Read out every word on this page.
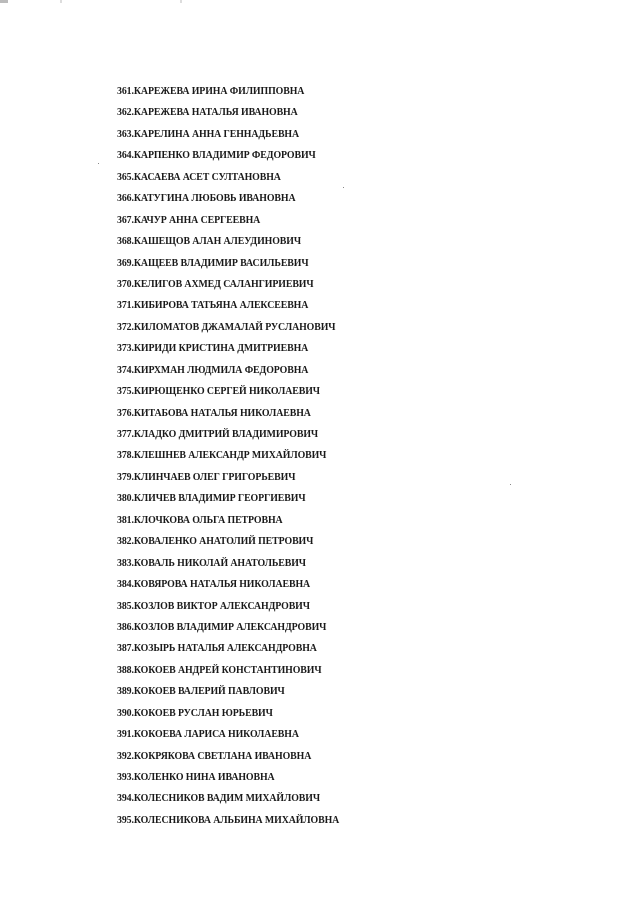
361.КАРЕЖЕВА ИРИНА ФИЛИППОВНА
362.КАРЕЖЕВА НАТАЛЬЯ ИВАНОВНА
363.КАРЕЛИНА АННА ГЕННАДЬЕВНА
364.КАРПЕНКО ВЛАДИМИР ФЕДОРОВИЧ
365.КАСАЕВА АСЕТ СУЛТАНОВНА
366.КАТУГИНА ЛЮБОВЬ ИВАНОВНА
367.КАЧУР АННА СЕРГЕЕВНА
368.КАШЕЩОВ АЛАН АЛЕУДИНОВИЧ
369.КАЩЕЕВ ВЛАДИМИР ВАСИЛЬЕВИЧ
370.КЕЛИГОВ АХМЕД САЛАНГИРИЕВИЧ
371.КИБИРОВА ТАТЬЯНА АЛЕКСЕЕВНА
372.КИЛОМАТОВ ДЖАМАЛАЙ РУСЛАНОВИЧ
373.КИРИДИ КРИСТИНА ДМИТРИЕВНА
374.КИРХМАН ЛЮДМИЛА ФЕДОРОВНА
375.КИРЮЩЕНКО СЕРГЕЙ НИКОЛАЕВИЧ
376.КИТАБОВА НАТАЛЬЯ НИКОЛАЕВНА
377.КЛАДКО ДМИТРИЙ ВЛАДИМИРОВИЧ
378.КЛЕШНЕВ АЛЕКСАНДР МИХАЙЛОВИЧ
379.КЛИНЧАЕВ ОЛЕГ ГРИГОРЬЕВИЧ
380.КЛИЧЕВ ВЛАДИМИР ГЕОРГИЕВИЧ
381.КЛОЧКОВА ОЛЬГА ПЕТРОВНА
382.КОВАЛЕНКО АНАТОЛИЙ ПЕТРОВИЧ
383.КОВАЛЬ НИКОЛАЙ АНАТОЛЬЕВИЧ
384.КОВЯРОВА НАТАЛЬЯ НИКОЛАЕВНА
385.КОЗЛОВ ВИКТОР АЛЕКСАНДРОВИЧ
386.КОЗЛОВ ВЛАДИМИР АЛЕКСАНДРОВИЧ
387.КОЗЫРЬ НАТАЛЬЯ АЛЕКСАНДРОВНА
388.КОКОЕВ АНДРЕЙ КОНСТАНТИНОВИЧ
389.КОКОЕВ ВАЛЕРИЙ ПАВЛОВИЧ
390.КОКОЕВ РУСЛАН ЮРЬЕВИЧ
391.КОКОЕВА ЛАРИСА НИКОЛАЕВНА
392.КОКРЯКОВА СВЕТЛАНА ИВАНОВНА
393.КОЛЕНКО НИНА ИВАНОВНА
394.КОЛЕСНИКОВ ВАДИМ МИХАЙЛОВИЧ
395.КОЛЕСНИКОВА АЛЬБИНА МИХАЙЛОВНА
